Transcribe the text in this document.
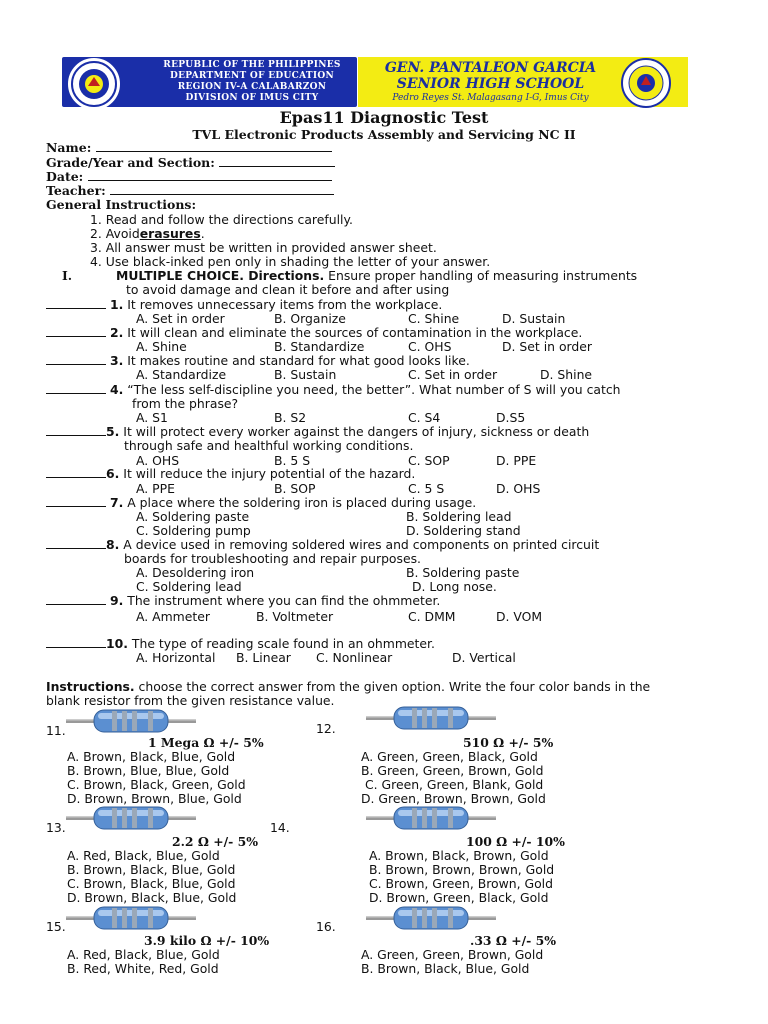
REPUBLIC OF THE PHILIPPINES
DEPARTMENT OF EDUCATION
REGION IV-A CALABARZON
DIVISION OF IMUS CITY
GEN. PANTALEON GARCIA
SENIOR HIGH SCHOOL
Pedro Reyes St. Malagasang I-G, Imus City
Epas11 Diagnostic Test
TVL Electronic Products Assembly and Servicing NC II
Name:
Grade/Year and Section:
Date:
Teacher:
General Instructions:
1. Read and follow the directions carefully.
2. Avoiderasures.
3. All answer must be written in provided answer sheet.
4. Use black-inked pen only in shading the letter of your answer.
I.	MULTIPLE CHOICE. Directions. Ensure proper handling of measuring instruments
to avoid damage and clean it before and after using
1. It removes unnecessary items from the workplace.
A. Set in order	B. Organize	C. Shine	D. Sustain
2. It will clean and eliminate the sources of contamination in the workplace.
A. Shine	B. Standardize	C. OHS	D. Set in order
3. It makes routine and standard for what good looks like.
A. Standardize	B. Sustain	C. Set in order	D. Shine
4. “The less self-discipline you need, the better”. What number of S will you catch
from the phrase?
A. S1	B. S2	C. S4	D.S5
5. It will protect every worker against the dangers of injury, sickness or death
through safe and healthful working conditions.
A. OHS	B. 5 S	C. SOP	D. PPE
6. It will reduce the injury potential of the hazard.
A. PPE	B. SOP	C. 5 S	D. OHS
7. A place where the soldering iron is placed during usage.
A. Soldering paste	B. Soldering lead
C. Soldering pump	D. Soldering stand
8. A device used in removing soldered wires and components on printed circuit
boards for troubleshooting and repair purposes.
A. Desoldering iron	B. Soldering paste
C. Soldering lead	D. Long nose.
9. The instrument where you can find the ohmmeter.
A. Ammeter	B. Voltmeter	C. DMM	D. VOM
10. The type of reading scale found in an ohmmeter.
A. Horizontal B. Linear C. Nonlinear	D. Vertical
Instructions. choose the correct answer from the given option. Write the four color bands in the
blank resistor from the given resistance value.
11.
1 Mega Ω +/- 5%
A. Brown, Black, Blue, Gold
B. Brown, Blue, Blue, Gold
C. Brown, Black, Green, Gold
D. Brown, Brown, Blue, Gold
12.
510 Ω +/- 5%
A. Green, Green, Black, Gold
B. Green, Green, Brown, Gold
C. Green, Green, Blank, Gold
D. Green, Brown, Brown, Gold
13.
2.2 Ω +/- 5%
A. Red, Black, Blue, Gold
B. Brown, Black, Blue, Gold
C. Brown, Black, Blue, Gold
D. Brown, Black, Blue, Gold
14.
100 Ω +/- 10%
A. Brown, Black, Brown, Gold
B. Brown, Brown, Brown, Gold
C. Brown, Green, Brown, Gold
D. Brown, Green, Black, Gold
15.
3.9 kilo Ω +/- 10%
A. Red, Black, Blue, Gold
B. Red, White, Red, Gold
16.
.33 Ω +/- 5%
A. Green, Green, Brown, Gold
B. Brown, Black, Blue, Gold
